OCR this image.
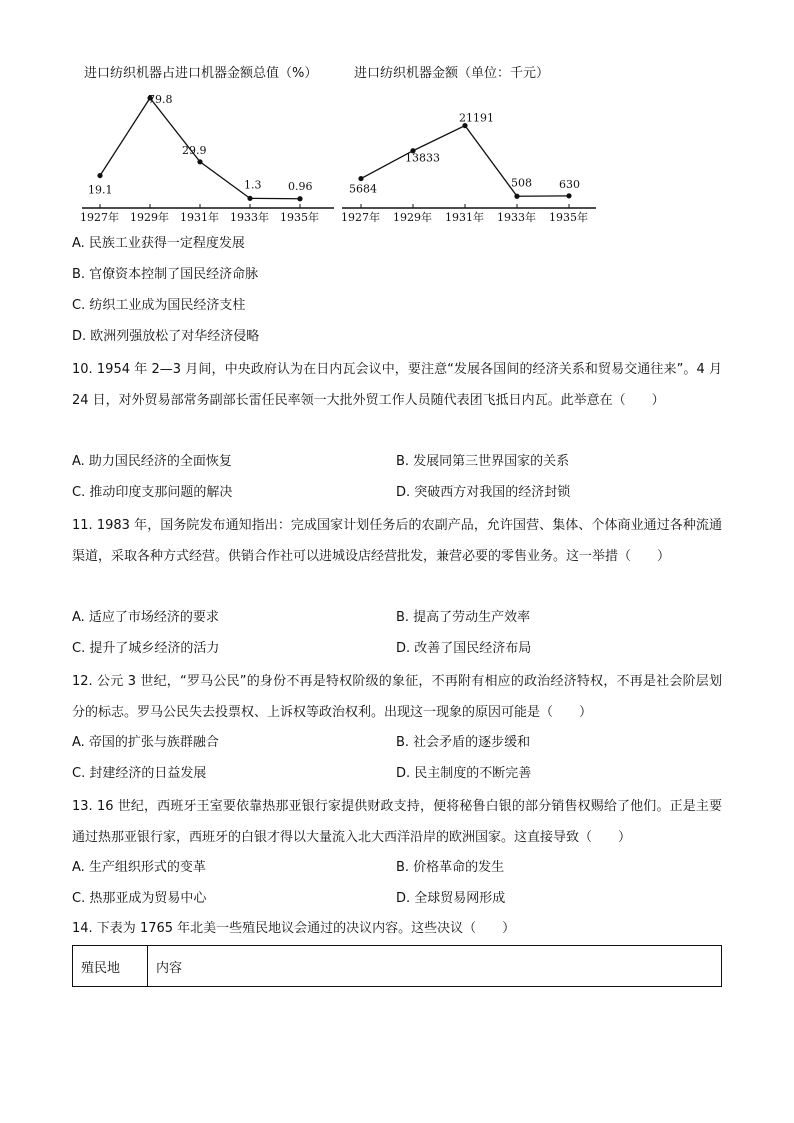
进口纺织机器占进口机器金额总值（%）	进口纺织机器金额（单位：千元）
1927年 1929年 1931年 1933年 1935年
19.1
79.8
29.9
1.3 0.96
1927年 1929年 1931年 1933年 1935年
5684
13833
21191
508 630
A. 民族工业获得一定程度发展
B. 官僚资本控制了国民经济命脉
C. 纺织工业成为国民经济支柱
D. 欧洲列强放松了对华经济侵略
10. 1954 年 2—3 月间，中央政府认为在日内瓦会议中，要注意“发展各国间的经济关系和贸易交通往来”。4 月 24 日，对外贸易部常务副部长雷任民率领一大批外贸工作人员随代表团飞抵日内瓦。此举意在（　　）
A. 助力国民经济的全面恢复	B. 发展同第三世界国家的关系
C. 推动印度支那问题的解决	D. 突破西方对我国的经济封锁
11. 1983 年，国务院发布通知指出：完成国家计划任务后的农副产品，允许国营、集体、个体商业通过各种流通渠道，采取各种方式经营。供销合作社可以进城设店经营批发，兼营必要的零售业务。这一举措（　　）
A. 适应了市场经济的要求	B. 提高了劳动生产效率
C. 提升了城乡经济的活力	D. 改善了国民经济布局
12. 公元 3 世纪，“罗马公民”的身份不再是特权阶级的象征，不再附有相应的政治经济特权，不再是社会阶层划分的标志。罗马公民失去投票权、上诉权等政治权利。出现这一现象的原因可能是（　　）
A. 帝国的扩张与族群融合	B. 社会矛盾的逐步缓和
C. 封建经济的日益发展	D. 民主制度的不断完善
13. 16 世纪，西班牙王室要依靠热那亚银行家提供财政支持，便将秘鲁白银的部分销售权赐给了他们。正是主要通过热那亚银行家，西班牙的白银才得以大量流入北大西洋沿岸的欧洲国家。这直接导致（　　）
A. 生产组织形式的变革	B. 价格革命的发生
C. 热那亚成为贸易中心	D. 全球贸易网形成
14. 下表为 1765 年北美一些殖民地议会通过的决议内容。这些决议（　　）
殖民地	内容
